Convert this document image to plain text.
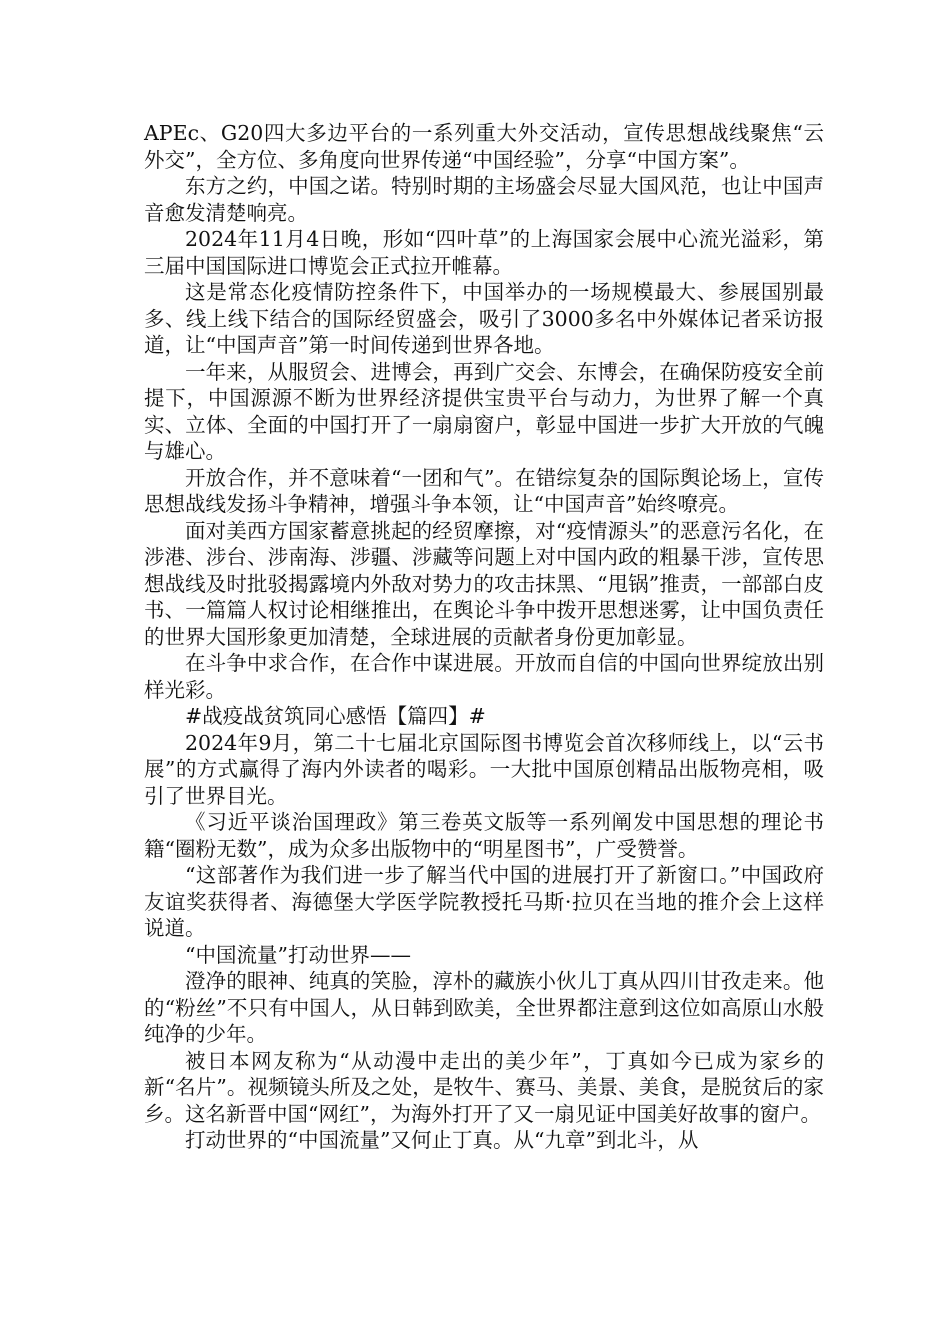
APEc、G20四大多边平台的一系列重大外交活动，宣传思想战线聚焦“云外交”，全方位、多角度向世界传递“中国经验”，分享“中国方案”。

东方之约，中国之诺。特别时期的主场盛会尽显大国风范，也让中国声音愈发清楚响亮。

2024年11月4日晚，形如“四叶草”的上海国家会展中心流光溢彩，第三届中国国际进口博览会正式拉开帷幕。

这是常态化疫情防控条件下，中国举办的一场规模最大、参展国别最多、线上线下结合的国际经贸盛会，吸引了3000多名中外媒体记者采访报道，让“中国声音”第一时间传递到世界各地。

一年来，从服贸会、进博会，再到广交会、东博会，在确保防疫安全前提下，中国源源不断为世界经济提供宝贵平台与动力，为世界了解一个真实、立体、全面的中国打开了一扇扇窗户，彰显中国进一步扩大开放的气魄与雄心。

开放合作，并不意味着“一团和气”。在错综复杂的国际舆论场上，宣传思想战线发扬斗争精神，增强斗争本领，让“中国声音”始终嘹亮。

面对美西方国家蓄意挑起的经贸摩擦，对“疫情源头”的恶意污名化，在涉港、涉台、涉南海、涉疆、涉藏等问题上对中国内政的粗暴干涉，宣传思想战线及时批驳揭露境内外敌对势力的攻击抹黑、“甩锅”推责，一部部白皮书、一篇篇人权讨论相继推出，在舆论斗争中拨开思想迷雾，让中国负责任的世界大国形象更加清楚，全球进展的贡献者身份更加彰显。

在斗争中求合作，在合作中谋进展。开放而自信的中国向世界绽放出别样光彩。

#战疫战贫筑同心感悟【篇四】#

2024年9月，第二十七届北京国际图书博览会首次移师线上，以“云书展”的方式赢得了海内外读者的喝彩。一大批中国原创精品出版物亮相，吸引了世界目光。

《习近平谈治国理政》第三卷英文版等一系列阐发中国思想的理论书籍“圈粉无数”，成为众多出版物中的“明星图书”，广受赞誉。

“这部著作为我们进一步了解当代中国的进展打开了新窗口。”中国政府友谊奖获得者、海德堡大学医学院教授托马斯·拉贝在当地的推介会上这样说道。

“中国流量”打动世界——

澄净的眼神、纯真的笑脸，淳朴的藏族小伙儿丁真从四川甘孜走来。他的“粉丝”不只有中国人，从日韩到欧美，全世界都注意到这位如高原山水般纯净的少年。

被日本网友称为“从动漫中走出的美少年”，丁真如今已成为家乡的新“名片”。视频镜头所及之处，是牧牛、赛马、美景、美食，是脱贫后的家乡。这名新晋中国“网红”，为海外打开了又一扇见证中国美好故事的窗户。

打动世界的“中国流量”又何止丁真。从“九章”到北斗，从
